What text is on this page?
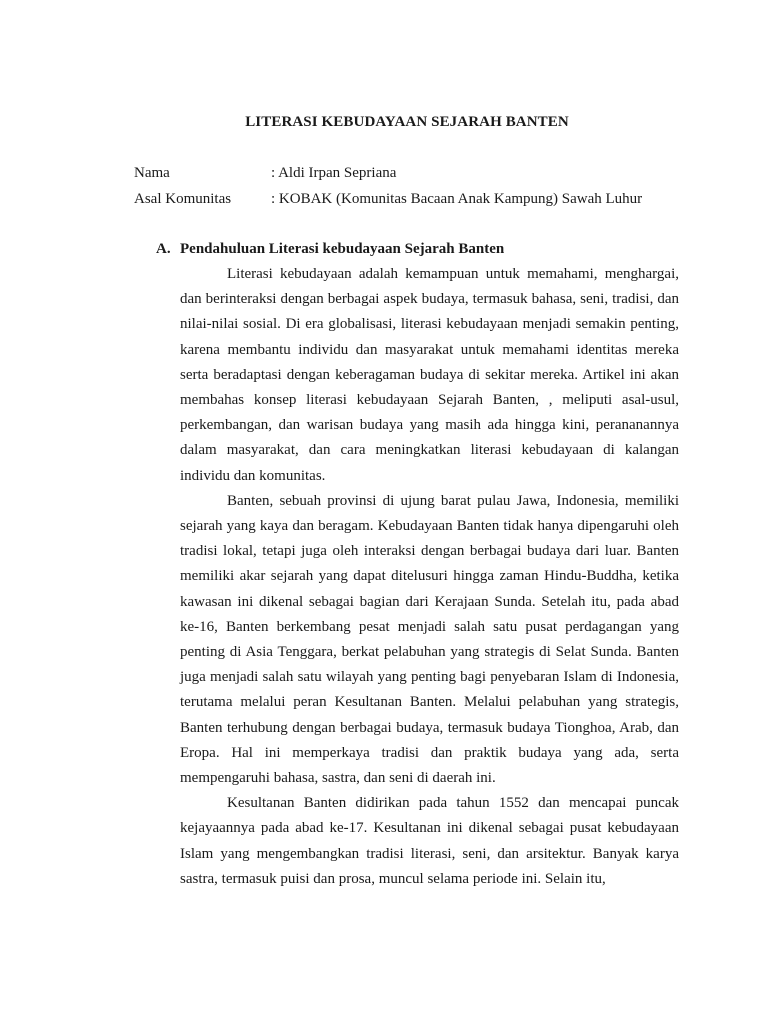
LITERASI KEBUDAYAAN SEJARAH BANTEN
Nama	: Aldi Irpan Sepriana
Asal Komunitas	: KOBAK (Komunitas Bacaan Anak Kampung) Sawah Luhur
A. Pendahuluan Literasi kebudayaan Sejarah Banten

Literasi kebudayaan adalah kemampuan untuk memahami, menghargai, dan berinteraksi dengan berbagai aspek budaya, termasuk bahasa, seni, tradisi, dan nilai-nilai sosial. Di era globalisasi, literasi kebudayaan menjadi semakin penting, karena membantu individu dan masyarakat untuk memahami identitas mereka serta beradaptasi dengan keberagaman budaya di sekitar mereka. Artikel ini akan membahas konsep literasi kebudayaan Sejarah Banten, , meliputi asal-usul, perkembangan, dan warisan budaya yang masih ada hingga kini, perananannya dalam masyarakat, dan cara meningkatkan literasi kebudayaan di kalangan individu dan komunitas.

Banten, sebuah provinsi di ujung barat pulau Jawa, Indonesia, memiliki sejarah yang kaya dan beragam. Kebudayaan Banten tidak hanya dipengaruhi oleh tradisi lokal, tetapi juga oleh interaksi dengan berbagai budaya dari luar. Banten memiliki akar sejarah yang dapat ditelusuri hingga zaman Hindu-Buddha, ketika kawasan ini dikenal sebagai bagian dari Kerajaan Sunda. Setelah itu, pada abad ke-16, Banten berkembang pesat menjadi salah satu pusat perdagangan yang penting di Asia Tenggara, berkat pelabuhan yang strategis di Selat Sunda. Banten juga menjadi salah satu wilayah yang penting bagi penyebaran Islam di Indonesia, terutama melalui peran Kesultanan Banten. Melalui pelabuhan yang strategis, Banten terhubung dengan berbagai budaya, termasuk budaya Tionghoa, Arab, dan Eropa. Hal ini memperkaya tradisi dan praktik budaya yang ada, serta mempengaruhi bahasa, sastra, dan seni di daerah ini.

Kesultanan Banten didirikan pada tahun 1552 dan mencapai puncak kejayaannya pada abad ke-17. Kesultanan ini dikenal sebagai pusat kebudayaan Islam yang mengembangkan tradisi literasi, seni, dan arsitektur. Banyak karya sastra, termasuk puisi dan prosa, muncul selama periode ini. Selain itu,
